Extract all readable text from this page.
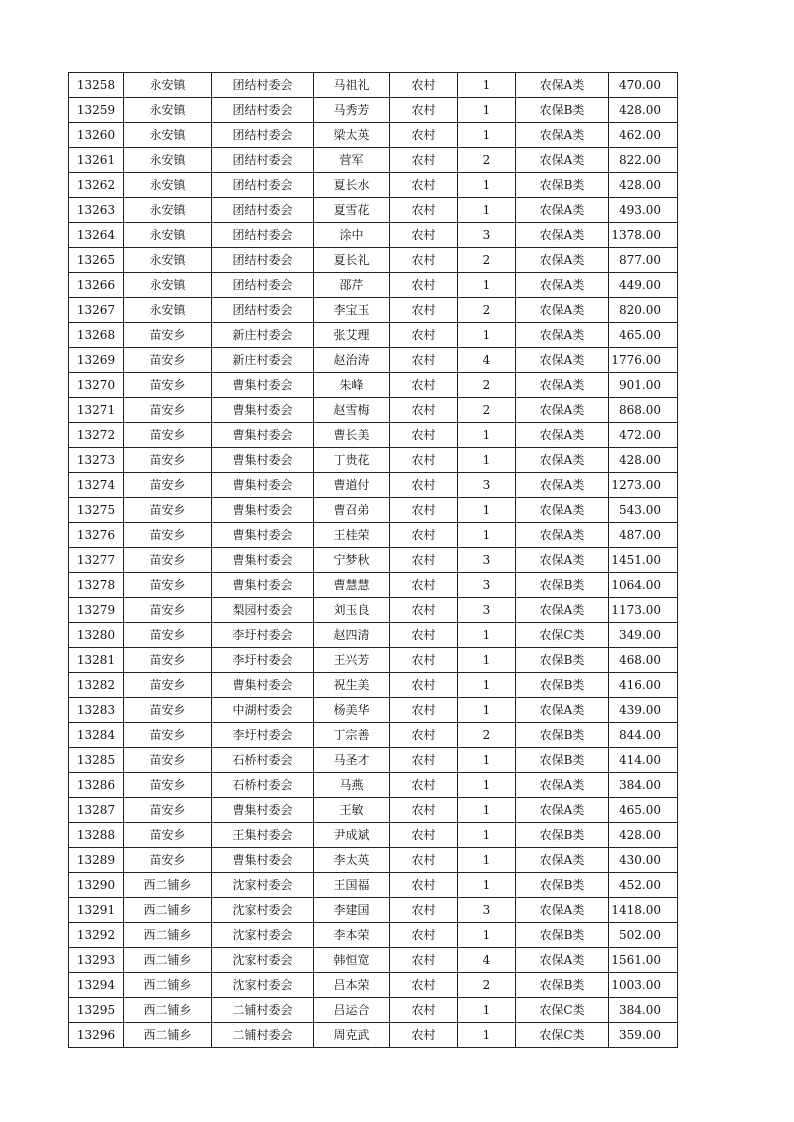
13258	永安镇	团结村委会	马祖礼	农村	1	农保A类	470.00
13259	永安镇	团结村委会	马秀芳	农村	1	农保B类	428.00
13260	永安镇	团结村委会	梁太英	农村	1	农保A类	462.00
13261	永安镇	团结村委会	营军	农村	2	农保A类	822.00
13262	永安镇	团结村委会	夏长水	农村	1	农保B类	428.00
13263	永安镇	团结村委会	夏雪花	农村	1	农保A类	493.00
13264	永安镇	团结村委会	涂中	农村	3	农保A类	1378.00
13265	永安镇	团结村委会	夏长礼	农村	2	农保A类	877.00
13266	永安镇	团结村委会	邵芹	农村	1	农保A类	449.00
13267	永安镇	团结村委会	李宝玉	农村	2	农保A类	820.00
13268	苗安乡	新庄村委会	张艾理	农村	1	农保A类	465.00
13269	苗安乡	新庄村委会	赵治涛	农村	4	农保A类	1776.00
13270	苗安乡	曹集村委会	朱峰	农村	2	农保A类	901.00
13271	苗安乡	曹集村委会	赵雪梅	农村	2	农保A类	868.00
13272	苗安乡	曹集村委会	曹长美	农村	1	农保A类	472.00
13273	苗安乡	曹集村委会	丁贵花	农村	1	农保A类	428.00
13274	苗安乡	曹集村委会	曹道付	农村	3	农保A类	1273.00
13275	苗安乡	曹集村委会	曹召弟	农村	1	农保A类	543.00
13276	苗安乡	曹集村委会	王桂荣	农村	1	农保A类	487.00
13277	苗安乡	曹集村委会	宁梦秋	农村	3	农保A类	1451.00
13278	苗安乡	曹集村委会	曹慧慧	农村	3	农保B类	1064.00
13279	苗安乡	梨园村委会	刘玉良	农村	3	农保A类	1173.00
13280	苗安乡	李圩村委会	赵四清	农村	1	农保C类	349.00
13281	苗安乡	李圩村委会	王兴芳	农村	1	农保B类	468.00
13282	苗安乡	曹集村委会	祝生美	农村	1	农保B类	416.00
13283	苗安乡	中湖村委会	杨美华	农村	1	农保A类	439.00
13284	苗安乡	李圩村委会	丁宗善	农村	2	农保B类	844.00
13285	苗安乡	石桥村委会	马圣才	农村	1	农保B类	414.00
13286	苗安乡	石桥村委会	马燕	农村	1	农保A类	384.00
13287	苗安乡	曹集村委会	王敏	农村	1	农保A类	465.00
13288	苗安乡	王集村委会	尹成斌	农村	1	农保B类	428.00
13289	苗安乡	曹集村委会	李太英	农村	1	农保A类	430.00
13290	西二铺乡	沈家村委会	王国福	农村	1	农保B类	452.00
13291	西二铺乡	沈家村委会	李建国	农村	3	农保A类	1418.00
13292	西二铺乡	沈家村委会	李本荣	农村	1	农保B类	502.00
13293	西二铺乡	沈家村委会	韩恒宽	农村	4	农保A类	1561.00
13294	西二铺乡	沈家村委会	吕本荣	农村	2	农保B类	1003.00
13295	西二铺乡	二铺村委会	吕运合	农村	1	农保C类	384.00
13296	西二铺乡	二铺村委会	周克武	农村	1	农保C类	359.00
